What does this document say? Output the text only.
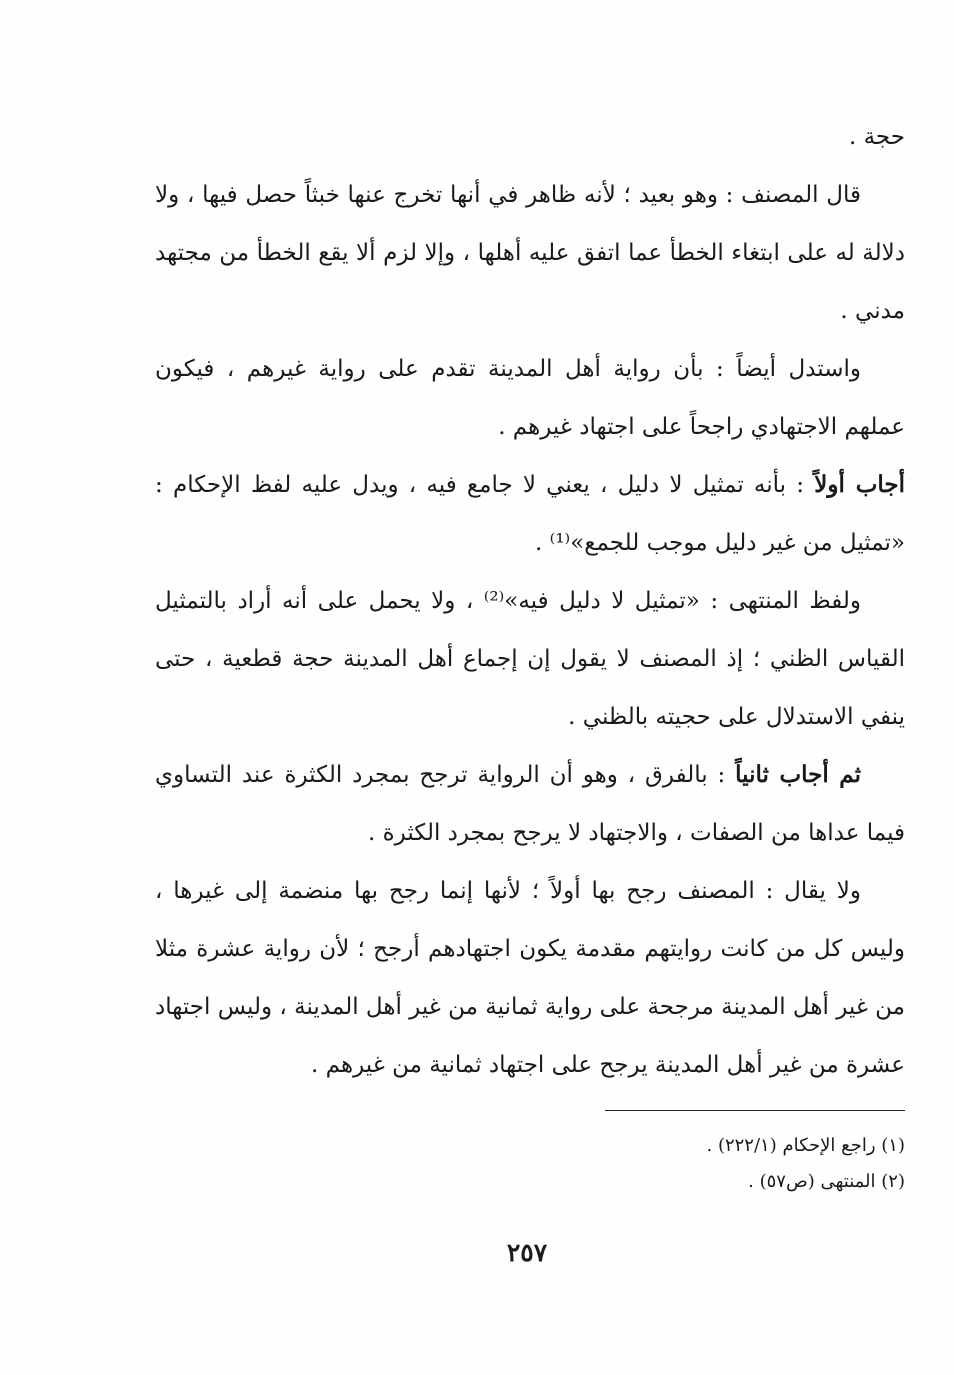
حجة .

قال المصنف : وهو بعيد ؛ لأنه ظاهر في أنها تخرج عنها خبثاً حصل فيها ، ولا دلالة له على ابتغاء الخطأ عما اتفق عليه أهلها ، وإلا لزم ألا يقع الخطأ من مجتهد مدني .

واستدل أيضاً : بأن رواية أهل المدينة تقدم على رواية غيرهم ، فيكون عملهم الاجتهادي راجحاً على اجتهاد غيرهم .

أجاب أولاً : بأنه تمثيل لا دليل ، يعني لا جامع فيه ، ويدل عليه لفظ الإحكام : «تمثيل من غير دليل موجب للجمع»⁽¹⁾ .

ولفظ المنتهى : «تمثيل لا دليل فيه»⁽²⁾ ، ولا يحمل على أنه أراد بالتمثيل القياس الظني ؛ إذ المصنف لا يقول إن إجماع أهل المدينة حجة قطعية ، حتى ينفي الاستدلال على حجيته بالظني .

ثم أجاب ثانياً : بالفرق ، وهو أن الرواية ترجح بمجرد الكثرة عند التساوي فيما عداها من الصفات ، والاجتهاد لا يرجح بمجرد الكثرة .

ولا يقال : المصنف رجح بها أولاً ؛ لأنها إنما رجح بها منضمة إلى غيرها ، وليس كل من كانت روايتهم مقدمة يكون اجتهادهم أرجح ؛ لأن رواية عشرة مثلا من غير أهل المدينة مرجحة على رواية ثمانية من غير أهل المدينة ، وليس اجتهاد عشرة من غير أهل المدينة يرجح على اجتهاد ثمانية من غيرهم .

(١) راجع الإحكام (٢٢٢/١) .

(٢) المنتهى (ص٥٧) .

٢٥٧
